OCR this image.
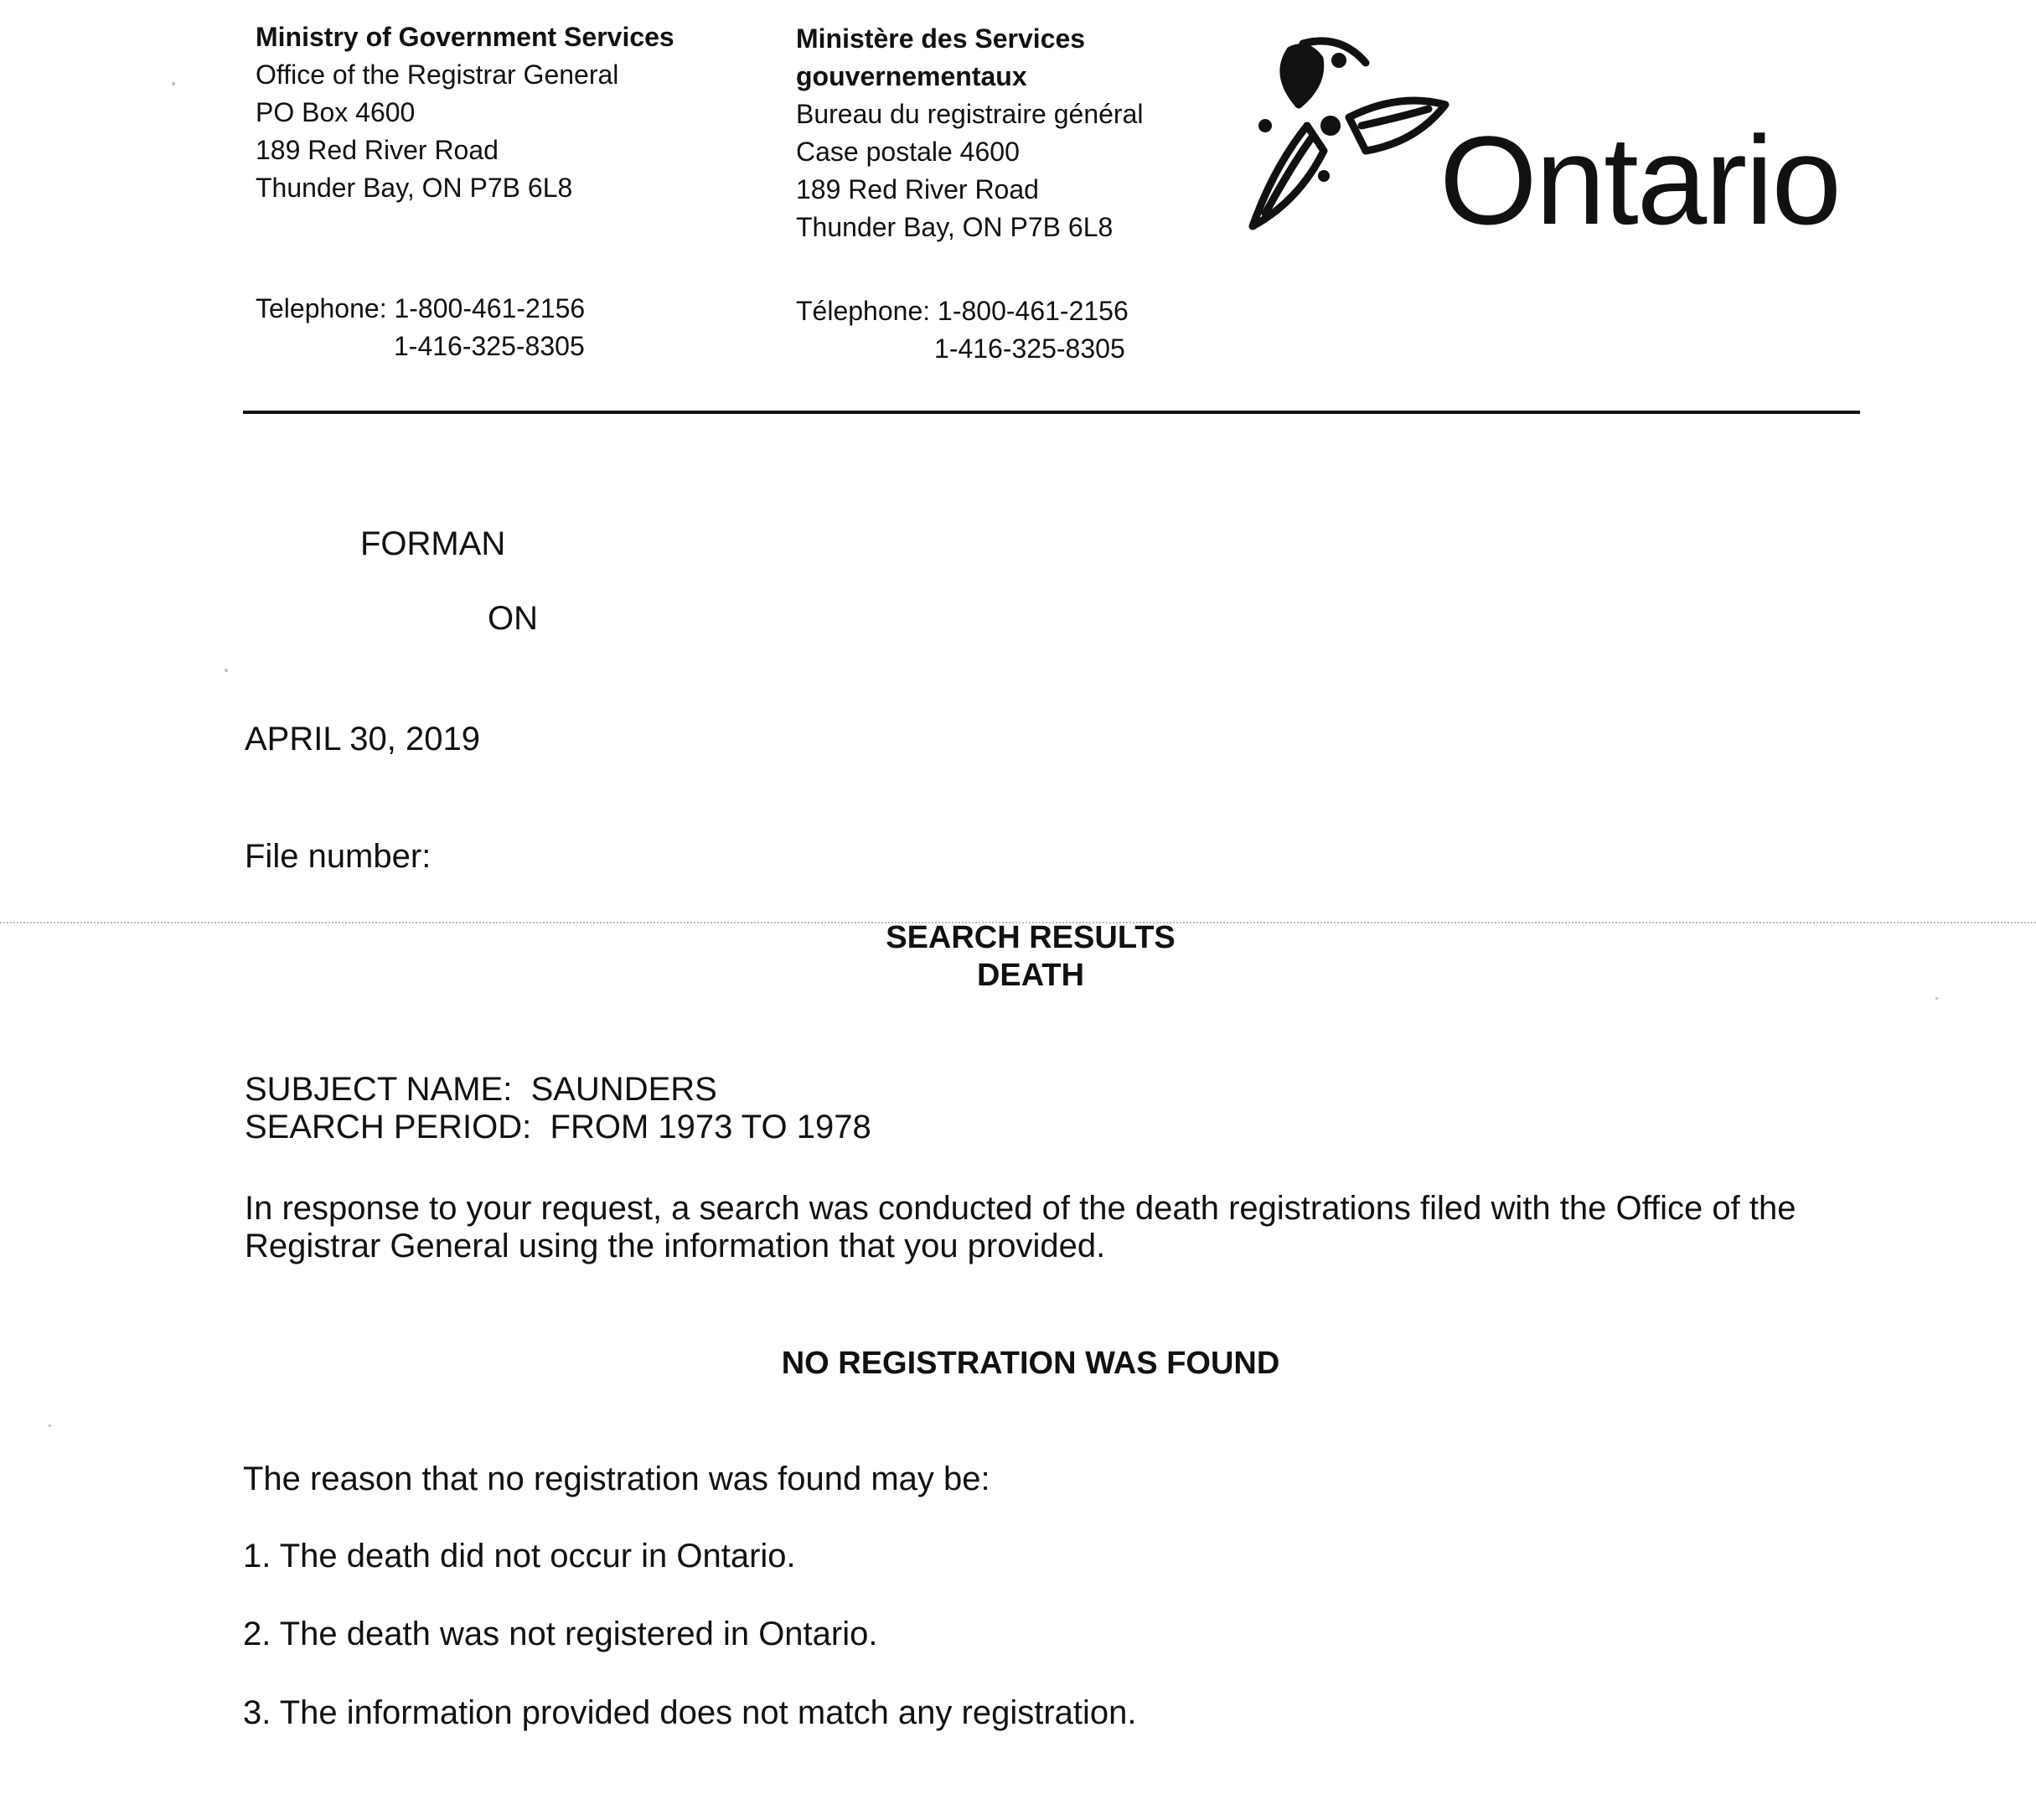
Ministry of Government Services
Office of the Registrar General
PO Box 4600
189 Red River Road
Thunder Bay, ON P7B 6L8
Telephone: 1-800-461-2156
1-416-325-8305
Ministère des Services
gouvernementaux
Bureau du registraire général
Case postale 4600
189 Red River Road
Thunder Bay, ON P7B 6L8
Télephone: 1-800-461-2156
1-416-325-8305
Ontario
FORMAN
ON
APRIL 30, 2019
File number:
SEARCH RESULTS
DEATH
SUBJECT NAME: SAUNDERS
SEARCH PERIOD: FROM 1973 TO 1978
In response to your request, a search was conducted of the death registrations filed with the Office of the
Registrar General using the information that you provided.
NO REGISTRATION WAS FOUND
The reason that no registration was found may be:
1. The death did not occur in Ontario.
2. The death was not registered in Ontario.
3. The information provided does not match any registration.
